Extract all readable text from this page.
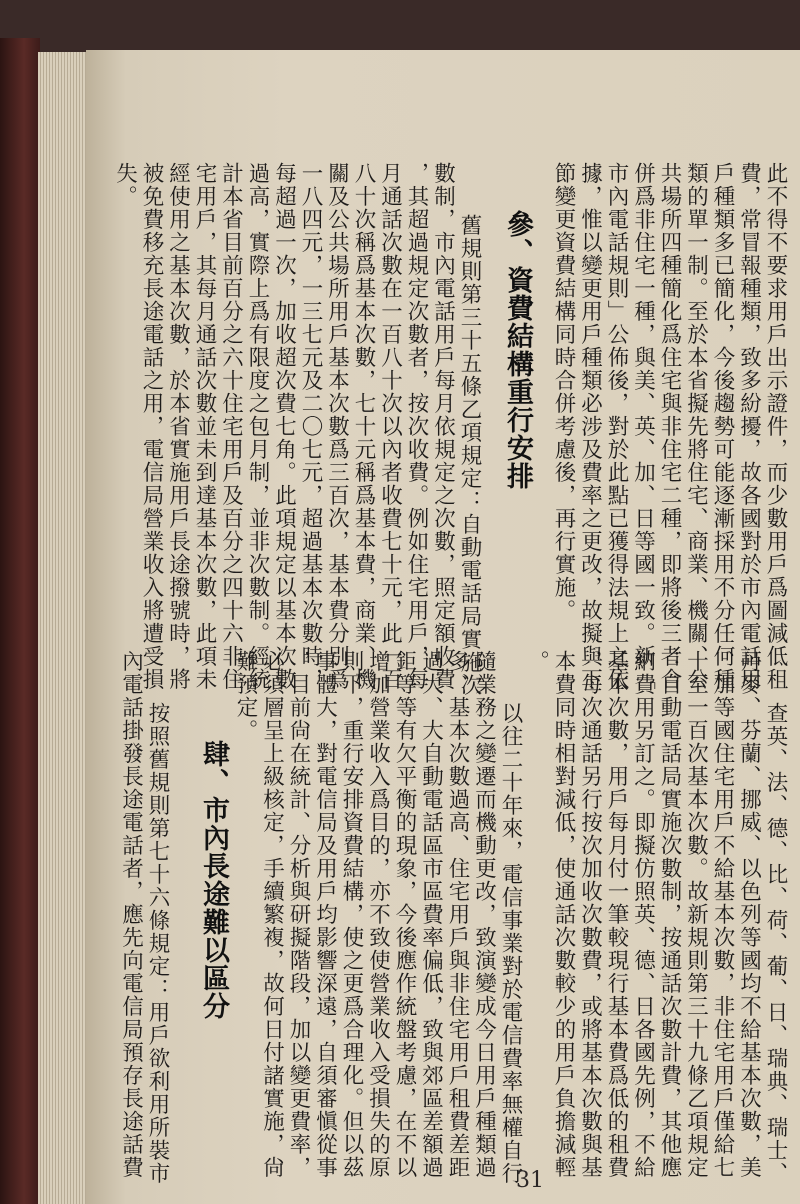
此不得不要求用戶出示證件，而少數用戶爲圖減低租
費，常冒報種類，致多紛擾，故各國對於市內電話用
戶種類多已簡化，今後趨勢可能逐漸採用不分任何種
類的單一制。至於本省擬先將住宅、商業、機關、公
共場所四種簡化爲住宅與非住宅二種，即將後三者合
併爲非住宅一種，與美、英、加、日等國一致。新「
市內電話規則」公佈後，對於此點已獲得法規上之依
據，惟以變更用戶種類必涉及費率之更改，故擬與下
節變更資費結構同時合併考慮後，再行實施。
參、資費結構重行安排
舊規則第三十五條乙項規定：自動電話局實施次
數制，市內電話用戶每月依規定之次數，照定額收費
，其超過規定次數者，按次收費。例如住宅用戶，每
月通話次數在一百八十次以內者收費七十元，此一百
八十次稱爲基本次數，七十元稱爲基本費，商業、機
關及公共場所用戶基本次數爲三百次，基本費分別爲
一八四元，一三七元及二〇七元，超過基本次數時，
每超過一次，加收超次費七角。此項規定以基本次數
過高，實際上爲有限度之包月制，並非次數制。經統
計本省目前百分之六十住宅用戶及百分之四十六非住
宅用戶，其每月通話次數並未到達基本次數，此項未
經使用之基本次數，於本省實施用戶長途撥號時，將
被免費移充長途電話之用，電信局營業收入將遭受損
失。
查英、法、德、比、荷、葡、日、瑞典、瑞士、
丹麥、芬蘭、挪威、以色列等國均不給基本次數，美
、加等國住宅用戶不給基本次數，非住宅用戶僅給七
十至一百次基本次數。故新規則第三十九條乙項規定
：自動電話局實施次數制，按通話次數計費，其他應
納費用另訂之。即擬仿照英、德、日各國先例，不給
基本次數，用戶每月付一筆較現行基本費爲低的租費
，每次通話另行按次加收次數費，或將基本次數與基
本費同時相對減低，使通話次數較少的用戶負擔減輕
。
以往二十年來，電信事業對於電信費率無權自行
隨業務之變遷而機動更改，致演變成今日用戶種類過
多、基本次數過高、住宅用戶與非住宅用戶租費差距
過大、大自動電話區市區費率偏低，致與郊區差額過
鉅等等有欠平衡的現象，今後應作統盤考慮，在不以
增加營業收入爲目的，亦不致使營業收入受損失的原
則下，重行安排資費結構，使之更爲合理化。但以茲
事體大，對電信局及用戶均影響深遠，自須審愼從事
，目前尙在統計、分析與研擬階段，加以變更費率，
必須層呈上級核定，手續繁複，故何日付諸實施，尙
難預定。
肆、市內長途難以區分
按照舊規則第七十六條規定：用戶欲利用所裝市
內電話掛發長途電話者，應先向電信局預存長途話費
31
